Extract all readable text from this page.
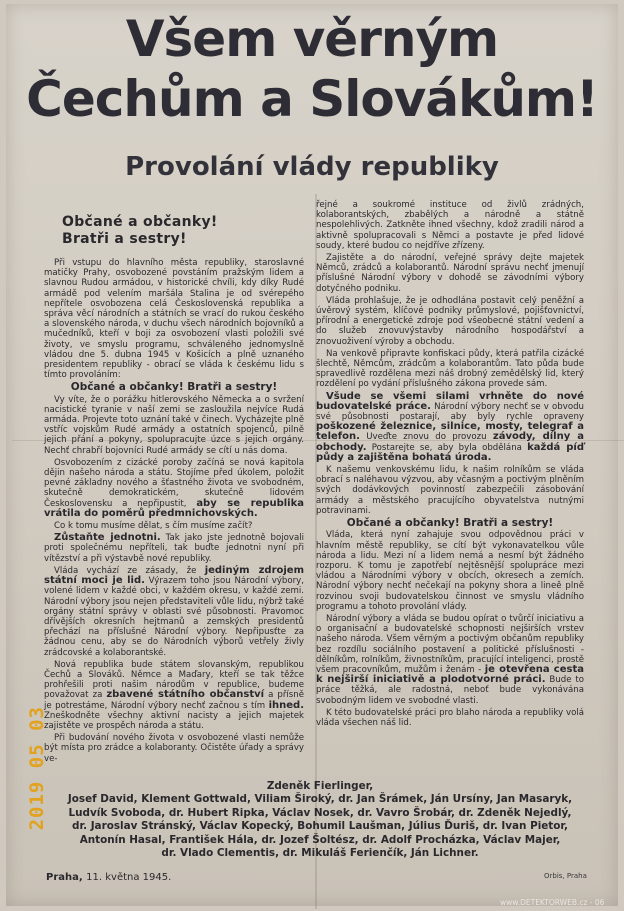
Všem věrným
Čechům a Slovákům!
Provolání vlády republiky
Občané a občanky!
Bratři a sestry!

Při vstupu do hlavního města republiky, staroslavné matičky Prahy, osvobozené povstáním pražským lidem a slavnou Rudou armádou, v historické chvíli, kdy díky Rudé armádě pod velením maršála Stalina je od svérepého nepřítele osvobozena celá Československá republika a správa věcí národních a státních se vrací do rukou českého a slovenského národa, v duchu všech národních bojovníků a mučedníků, kteří v boji za osvobození vlasti položili své životy, ve smyslu programu, schváleného jednomyslně vládou dne 5. dubna 1945 v Košicích a plně uznaného presidentem republiky - obrací se vláda k českému lidu s tímto provoláním:

Občané a občanky! Bratři a sestry!

Vy víte, že o porážku hitlerovského Německa a o svržení nacistické tyranie v naší zemi se zasloužila nejvíce Rudá armáda. Projevte toto uznání také v činech. Vycházejte plně vstříc vojskům Rudé armády a ostatních spojenců, pilně jejich přání a pokyny, spolupracujte úzce s jejich orgány. Nechť chrabří bojovníci Rudé armády se cítí u nás doma.

Osvobozením z cizácké poroby začíná se nová kapitola dějin našeho národa a státu. Stojíme před úkolem, položit pevné základny nového a šťastného života ve svobodném, skutečně demokratickém, skutečně lidovém Československu a nepřipustit, aby se republika vrátila do poměrů předmnichovských.

Co k tomu musíme dělat, s čím musíme začít?

Zůstaňte jednotni. Tak jako jste jednotně bojovali proti společnému nepříteli, tak buďte jednotni nyní při vítězství a při výstavbě nové republiky.

Vláda vychází ze zásady, že jediným zdrojem státní moci je lid. Výrazem toho jsou Národní výbory, volené lidem v každé obci, v každém okresu, v každé zemi. Národní výbory jsou nejen představiteli vůle lidu, nýbrž také orgány státní správy v oblasti své působnosti. Pravomoc dřívějších okresních hejtmanů a zemských presidentů přechází na příslušné Národní výbory. Nepřipusťte za žádnou cenu, aby se do Národních výborů vetřely živly zrádcovské a kolaborantské.

Nová republika bude státem slovanským, republikou Čechů a Slováků. Němce a Maďary, kteří se tak těžce prohřešili proti našim národům v republice, budeme považovat za zbavené státního občanství a přísně je potrestáme, Národní výbory nechť začnou s tím ihned. Zneškodněte všechny aktivní nacisty a jejich majetek zajistěte ve prospěch národa a státu.

Při budování nového života v osvobozené vlasti nemůže být místa pro zrádce a kolaboranty. Očistěte úřady a správy ve-

řejné a soukromé instituce od živlů zrádných, kolaborantských, zbabělých a národně a státně nespolehlivých. Zatkněte ihned všechny, kdož zradili národ a aktivně spolupracovali s Němci a postavte je před lidové soudy, které budou co nejdříve zřízeny.

Zajistěte a do národní, veřejné správy dejte majetek Němců, zrádců a kolaborantů. Národní správu nechť jmenují příslušné Národní výbory v dohodě se závodními výbory dotyčného podniku.

Vláda prohlašuje, že je odhodlána postavit celý peněžní a úvěrový systém, klíčové podniky průmyslové, pojišťovnictví, přírodní a energetické zdroje pod všeobecné státní vedení a do služeb znovuvýstavby národního hospodářství a znovuoživení výroby a obchodu.

Na venkově připravte konfiskaci půdy, která patřila cizácké šlechtě, Němcům, zrádcům a kolaborantům. Tato půda bude spravedlivě rozdělena mezi náš drobný zemědělský lid, který rozdělení po vydání příslušného zákona provede sám.

Všude se všemi silami vrhněte do nové budovatelské práce. Národní výbory nechť se v obvodu své působnosti postarají, aby byly rychle opraveny poškozené železnice, silnice, mosty, telegraf a telefon. Uveďte znovu do provozu závody, dílny a obchody. Postarejte se, aby byla obdělána každá píď půdy a zajištěna bohatá úroda.

K našemu venkovskému lidu, k našim rolníkům se vláda obrací s naléhavou výzvou, aby včasným a poctivým plněním svých dodávkových povinností zabezpečili zásobování armády a městského pracujícího obyvatelstva nutnými potravinami.

Občané a občanky! Bratři a sestry!

Vláda, která nyní zahajuje svou odpovědnou práci v hlavním městě republiky, se cítí být vykonavatelkou vůle národa a lidu. Mezi ní a lidem nemá a nesmí být žádného rozporu. K tomu je zapotřebí nejtěsnější spolupráce mezi vládou a Národními výbory v obcích, okresech a zemích. Národní výbory nechť nečekají na pokyny shora a lineě plně rozvinou svoji budovatelskou činnost ve smyslu vládního programu a tohoto provolání vlády.

Národní výbory a vláda se budou opírat o tvůrčí iniciativu a o organisační a budovatelské schopnosti nejširších vrstev našeho národa. Všem věrným a poctivým občanům republiky bez rozdílu sociálního postavení a politické příslušnosti - dělníkům, rolníkům, živnostníkům, pracující inteligenci, prostě všem pracovníkům, mužům i ženám - je otevřena cesta k nejširší iniciativě a plodotvorné práci. Bude to práce těžká, ale radostná, neboť bude vykonávána svobodným lidem ve svobodné vlasti.

K této budovatelské práci pro blaho národa a republiky volá vláda všechen náš lid.

Zdeněk Fierlinger,
Josef David, Klement Gottwald, Viliam Široký, dr. Jan Šrámek, Ján Ursíny, Jan Masaryk,
Ludvík Svoboda, dr. Hubert Ripka, Václav Nosek, dr. Vavro Šrobár, dr. Zdeněk Nejedlý,
dr. Jaroslav Stránský, Václav Kopecký, Bohumil Laušman, Július Ďuriš, dr. Ivan Pietor,
Antonín Hasal, František Hála, dr. Jozef Šoltész, dr. Adolf Procházka, Václav Majer,
dr. Vlado Clementis, dr. Mikuláš Ferienčík, Ján Lichner.
Praha, 11. května 1945.	Orbis, Praha
2019 05 03
www.DETEKTORWEB.cz - 06
